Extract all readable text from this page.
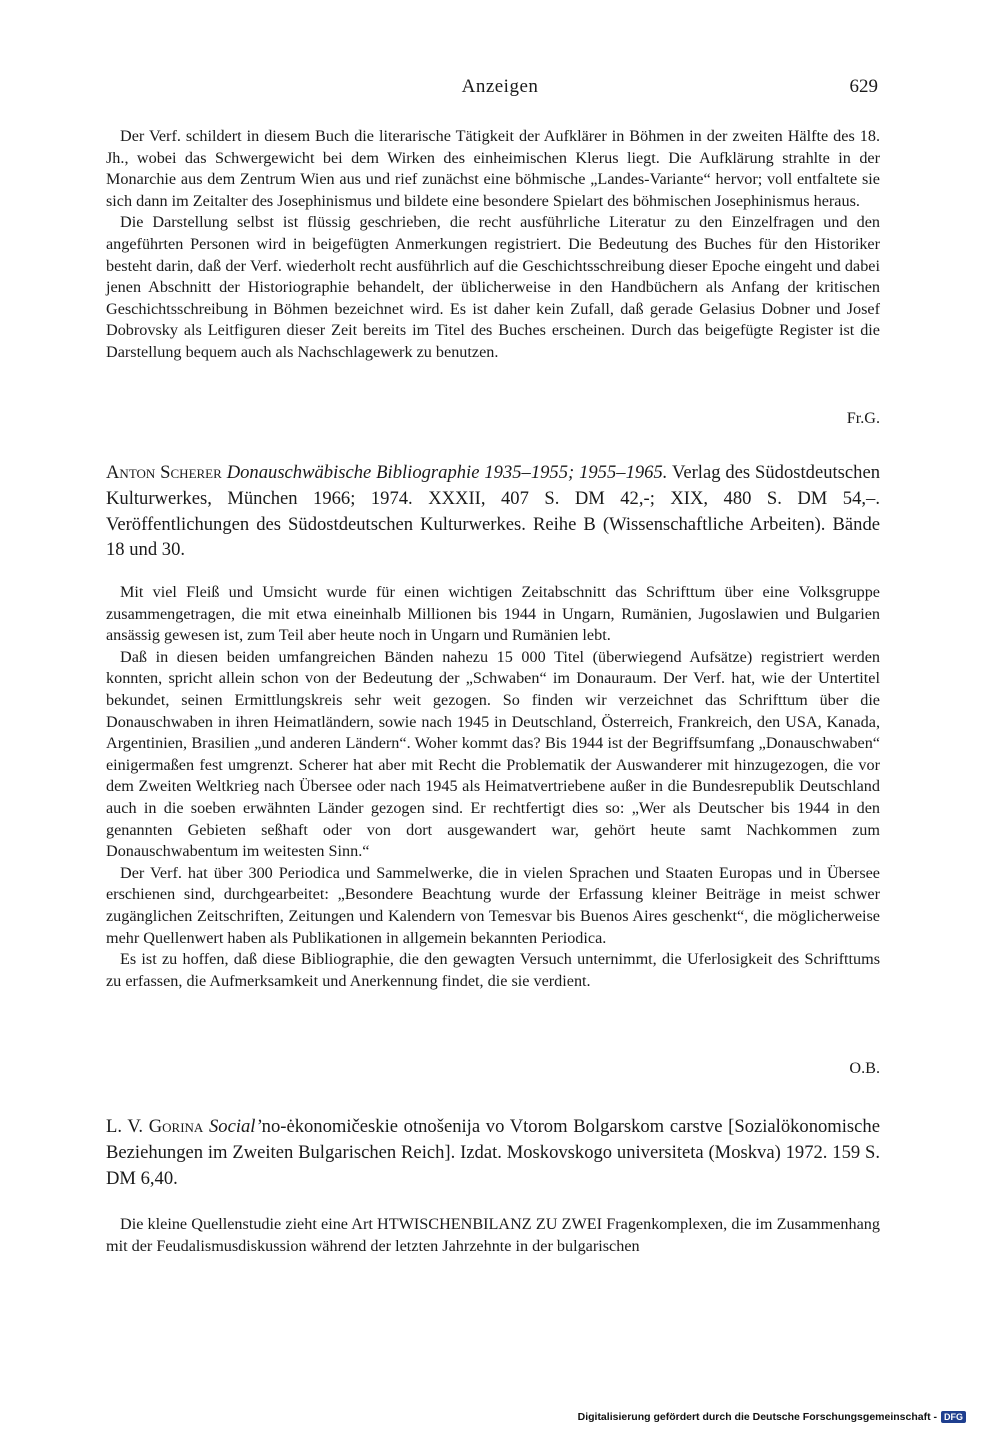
Anzeigen	629

Der Verf. schildert in diesem Buch die literarische Tätigkeit der Aufklärer in Böhmen in der zweiten Hälfte des 18. Jh., wobei das Schwergewicht bei dem Wirken des einheimischen Klerus liegt. Die Aufklärung strahlte in der Monarchie aus dem Zentrum Wien aus und rief zunächst eine böhmische „Landes-Variante“ hervor; voll entfaltete sie sich dann im Zeitalter des Josephinismus und bildete eine besondere Spielart des böhmischen Josephinismus heraus.

Die Darstellung selbst ist flüssig geschrieben, die recht ausführliche Literatur zu den Einzelfragen und den angeführten Personen wird in beigefügten Anmerkungen registriert. Die Bedeutung des Buches für den Historiker besteht darin, daß der Verf. wiederholt recht ausführlich auf die Geschichtsschreibung dieser Epoche eingeht und dabei jenen Abschnitt der Historiographie behandelt, der üblicherweise in den Handbüchern als Anfang der kritischen Geschichtsschreibung in Böhmen bezeichnet wird. Es ist daher kein Zufall, daß gerade Gelasius Dobner und Josef Dobrovsky als Leitfiguren dieser Zeit bereits im Titel des Buches erscheinen. Durch das beigefügte Register ist die Darstellung bequem auch als Nachschlagewerk zu benutzen.

Fr.G.

Anton Scherer Donauschwäbische Bibliographie 1935–1955; 1955–1965. Verlag des Südostdeutschen Kulturwerkes, München 1966; 1974. XXXII, 407 S. DM 42,-; XIX, 480 S. DM 54,–. Veröffentlichungen des Südostdeutschen Kulturwerkes. Reihe B (Wissenschaftliche Arbeiten). Bände 18 und 30.

Mit viel Fleiß und Umsicht wurde für einen wichtigen Zeitabschnitt das Schrifttum über eine Volksgruppe zusammengetragen, die mit etwa eineinhalb Millionen bis 1944 in Ungarn, Rumänien, Jugoslawien und Bulgarien ansässig gewesen ist, zum Teil aber heute noch in Ungarn und Rumänien lebt.

Daß in diesen beiden umfangreichen Bänden nahezu 15 000 Titel (überwiegend Aufsätze) registriert werden konnten, spricht allein schon von der Bedeutung der „Schwaben“ im Donauraum. Der Verf. hat, wie der Untertitel bekundet, seinen Ermittlungskreis sehr weit gezogen. So finden wir verzeichnet das Schrifttum über die Donauschwaben in ihren Heimatländern, sowie nach 1945 in Deutschland, Österreich, Frankreich, den USA, Kanada, Argentinien, Brasilien „und anderen Ländern“. Woher kommt das? Bis 1944 ist der Begriffsumfang „Donauschwaben“ einigermaßen fest umgrenzt. Scherer hat aber mit Recht die Problematik der Auswanderer mit hinzugezogen, die vor dem Zweiten Weltkrieg nach Übersee oder nach 1945 als Heimatvertriebene außer in die Bundesrepublik Deutschland auch in die soeben erwähnten Länder gezogen sind. Er rechtfertigt dies so: „Wer als Deutscher bis 1944 in den genannten Gebieten seßhaft oder von dort ausgewandert war, gehört heute samt Nachkommen zum Donauschwabentum im weitesten Sinn.“

Der Verf. hat über 300 Periodica und Sammelwerke, die in vielen Sprachen und Staaten Europas und in Übersee erschienen sind, durchgearbeitet: „Besondere Beachtung wurde der Erfassung kleiner Beiträge in meist schwer zugänglichen Zeitschriften, Zeitungen und Kalendern von Temesvar bis Buenos Aires geschenkt“, die möglicherweise mehr Quellenwert haben als Publikationen in allgemein bekannten Periodica.

Es ist zu hoffen, daß diese Bibliographie, die den gewagten Versuch unternimmt, die Uferlosigkeit des Schrifttums zu erfassen, die Aufmerksamkeit und Anerkennung findet, die sie verdient.

O.B.

L. V. Gorina Social’no-ėkonomičeskie otnošenija vo Vtorom Bolgarskom carstve [Sozialökonomische Beziehungen im Zweiten Bulgarischen Reich]. Izdat. Moskovskogo universiteta (Moskva) 1972. 159 S. DM 6,40.

Die kleine Quellenstudie zieht eine Art HTWISCHENBILANZ ZU ZWEI Fragenkomplexen, die im Zusammenhang mit der Feudalismusdiskussion während der letzten Jahrzehnte in der bulgarischen

Digitalisierung gefördert durch die Deutsche Forschungsgemeinschaft - DFG
